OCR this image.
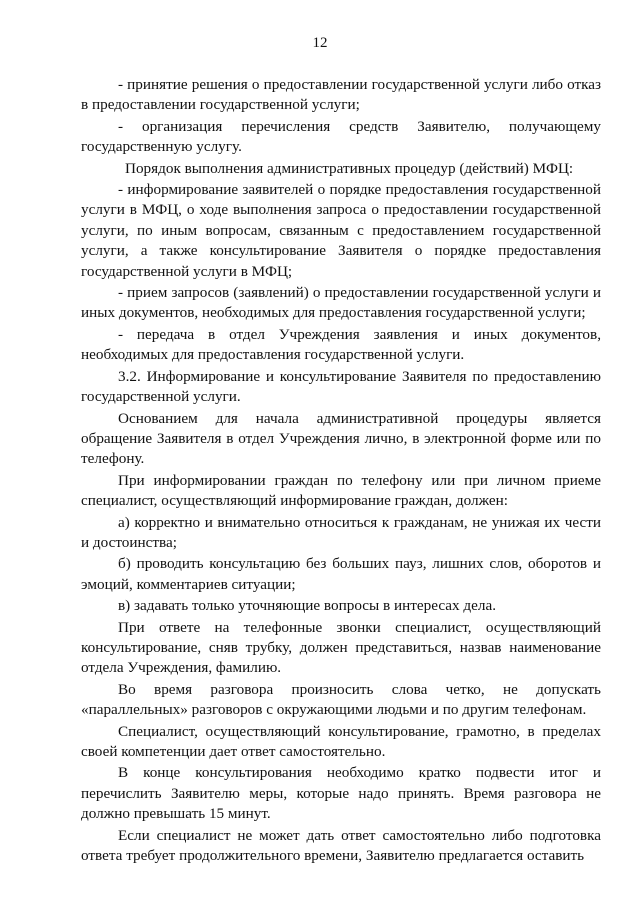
12

- принятие решения о предоставлении государственной услуги либо отказ в предоставлении государственной услуги;

- организация перечисления средств Заявителю, получающему государственную услугу.

Порядок выполнения административных процедур (действий) МФЦ:

- информирование заявителей о порядке предоставления государственной услуги в МФЦ, о ходе выполнения запроса о предоставлении государственной услуги, по иным вопросам, связанным с предоставлением государственной услуги, а также консультирование Заявителя о порядке предоставления государственной услуги в МФЦ;

- прием запросов (заявлений) о предоставлении государственной услуги и иных документов, необходимых для предоставления государственной услуги;

- передача в отдел Учреждения заявления и иных документов, необходимых для предоставления государственной услуги.

3.2. Информирование и консультирование Заявителя по предоставлению государственной услуги.

Основанием для начала административной процедуры является обращение Заявителя в отдел Учреждения лично, в электронной форме или по телефону.

При информировании граждан по телефону или при личном приеме специалист, осуществляющий информирование граждан, должен:

а) корректно и внимательно относиться к гражданам, не унижая их чести и достоинства;

б) проводить консультацию без больших пауз, лишних слов, оборотов и эмоций, комментариев ситуации;

в) задавать только уточняющие вопросы в интересах дела.

При ответе на телефонные звонки специалист, осуществляющий консультирование, сняв трубку, должен представиться, назвав наименование отдела Учреждения, фамилию.

Во время разговора произносить слова четко, не допускать «параллельных» разговоров с окружающими людьми и по другим телефонам.

Специалист, осуществляющий консультирование, грамотно, в пределах своей компетенции дает ответ самостоятельно.

В конце консультирования необходимо кратко подвести итог и перечислить Заявителю меры, которые надо принять. Время разговора не должно превышать 15 минут.

Если специалист не может дать ответ самостоятельно либо подготовка ответа требует продолжительного времени, Заявителю предлагается оставить
